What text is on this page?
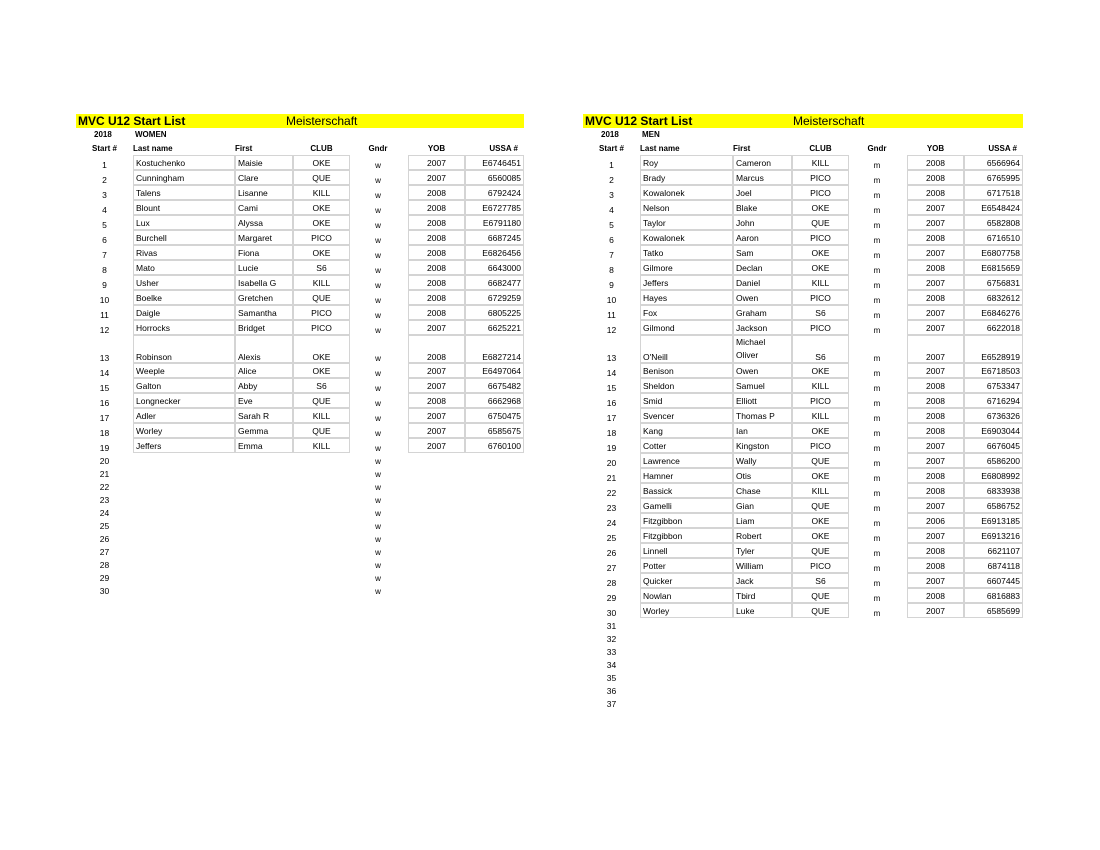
MVC U12 Start List	Meisterschaft
2018	WOMEN
Start #	Last name	First	CLUB	Gndr		YOB	USSA #
1	Kostuchenko	Maisie	OKE	w		2007	E6746451
2	Cunningham	Clare	QUE	w		2007	6560085
3	Talens	Lisanne	KILL	w		2008	6792424
4	Blount	Cami	OKE	w		2008	E6727785
5	Lux	Alyssa	OKE	w		2008	E6791180
6	Burchell	Margaret	PICO	w		2008	6687245
7	Rivas	Fiona	OKE	w		2008	E6826456
8	Mato	Lucie	S6	w		2008	6643000
9	Usher	Isabella G	KILL	w		2008	6682477
10	Boelke	Gretchen	QUE	w		2008	6729259
11	Daigle	Samantha	PICO	w		2008	6805225
12	Horrocks	Bridget	PICO	w		2007	6625221
13	Robinson	Alexis	OKE	w		2008	E6827214
14	Weeple	Alice	OKE	w		2007	E6497064
15	Galton	Abby	S6	w		2007	6675482
16	Longnecker	Eve	QUE	w		2008	6662968
17	Adler	Sarah R	KILL	w		2007	6750475
18	Worley	Gemma	QUE	w		2007	6585675
19	Jeffers	Emma	KILL	w		2007	6760100
20				w			
21				w			
22				w			
23				w			
24				w			
25				w			
26				w			
27				w			
28				w			
29				w			
30				w			
MVC U12 Start List	Meisterschaft
2018	MEN
Start #	Last name	First	CLUB	Gndr		YOB	USSA #
1	Roy	Cameron	KILL	m		2008	6566964
2	Brady	Marcus	PICO	m		2008	6765995
3	Kowalonek	Joel	PICO	m		2008	6717518
4	Nelson	Blake	OKE	m		2007	E6548424
5	Taylor	John	QUE	m		2007	6582808
6	Kowalonek	Aaron	PICO	m		2008	6716510
7	Tatko	Sam	OKE	m		2007	E6807758
8	Gilmore	Declan	OKE	m		2008	E6815659
9	Jeffers	Daniel	KILL	m		2007	6756831
10	Hayes	Owen	PICO	m		2008	6832612
11	Fox	Graham	S6	m		2007	E6846276
12	Gilmond	Jackson	PICO	m		2007	6622018
13	O'Neill	Michael Oliver	S6	m		2007	E6528919
14	Benison	Owen	OKE	m		2007	E6718503
15	Sheldon	Samuel	KILL	m		2008	6753347
16	Smid	Elliott	PICO	m		2008	6716294
17	Svencer	Thomas P	KILL	m		2008	6736326
18	Kang	Ian	OKE	m		2008	E6903044
19	Cotter	Kingston	PICO	m		2007	6676045
20	Lawrence	Wally	QUE	m		2007	6586200
21	Hamner	Otis	OKE	m		2008	E6808992
22	Bassick	Chase	KILL	m		2008	6833938
23	Gamelli	Gian	QUE	m		2007	6586752
24	Fitzgibbon	Liam	OKE	m		2006	E6913185
25	Fitzgibbon	Robert	OKE	m		2007	E6913216
26	Linnell	Tyler	QUE	m		2008	6621107
27	Potter	William	PICO	m		2008	6874118
28	Quicker	Jack	S6	m		2007	6607445
29	Nowlan	Tbird	QUE	m		2008	6816883
30	Worley	Luke	QUE	m		2007	6585699
31							
32							
33							
34							
35							
36							
37							
